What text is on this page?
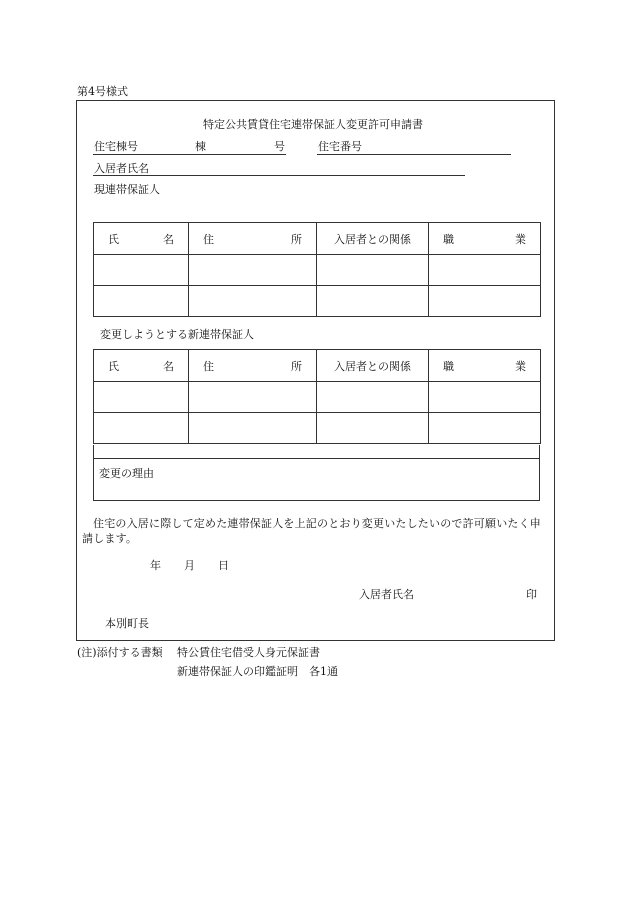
第4号様式
特定公共賃貸住宅連帯保証人変更許可申請書
住宅棟号	棟	号	住宅番号
入居者氏名
現連帯保証人
氏 名	住 所	入居者との関係	職 業

変更しようとする新連帯保証人
氏 名	住 所	入居者との関係	職 業

変更の理由
住宅の入居に際して定めた連帯保証人を上記のとおり変更いたしたいので許可願いたく申請します。
年 月 日
入居者氏名	印
本別町長
(注)添付する書類 特公賃住宅借受人身元保証書
新連帯保証人の印鑑証明　各1通
